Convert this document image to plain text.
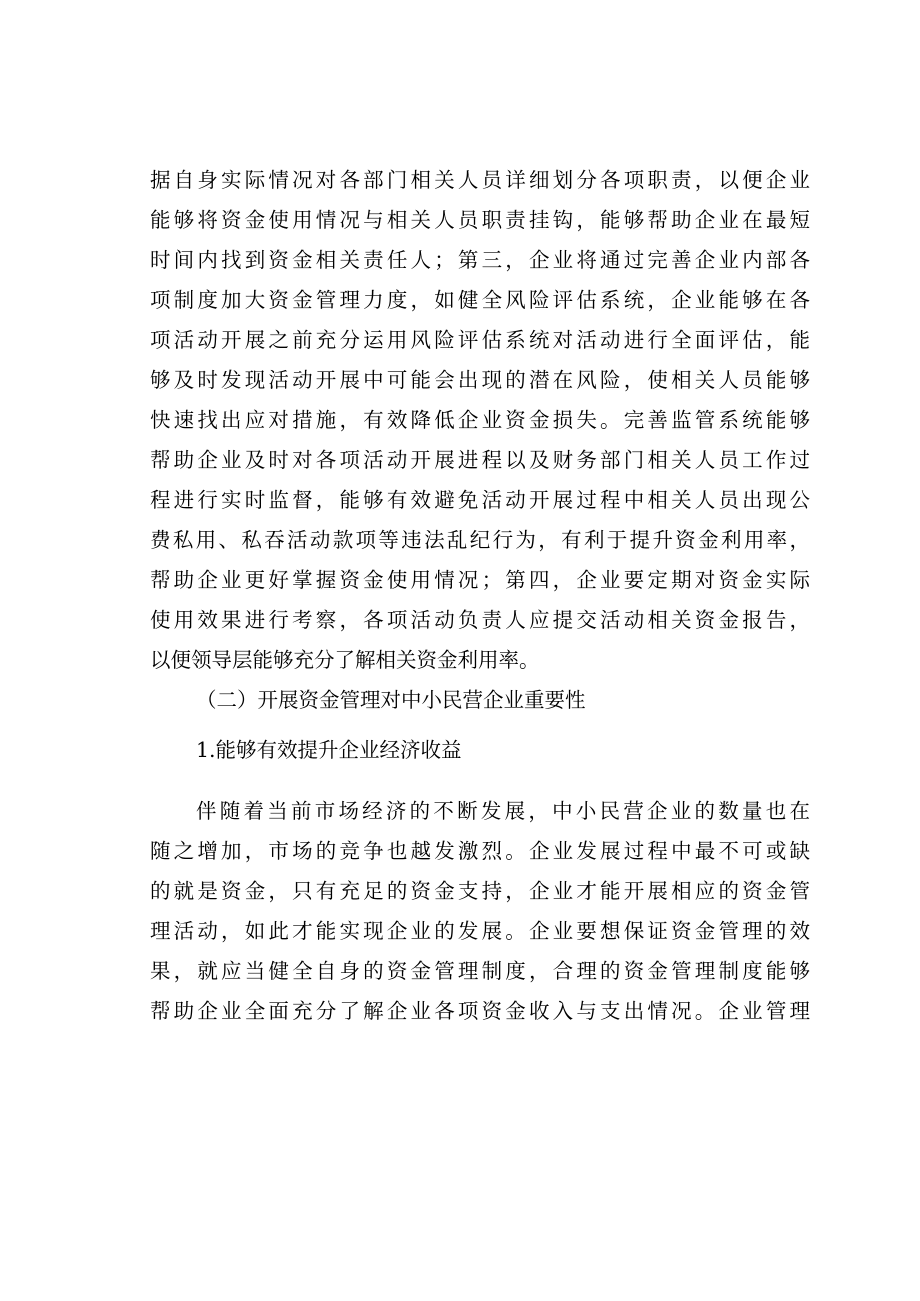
据自身实际情况对各部门相关人员详细划分各项职责，以便企业
能够将资金使用情况与相关人员职责挂钩，能够帮助企业在最短
时间内找到资金相关责任人；第三，企业将通过完善企业内部各
项制度加大资金管理力度，如健全风险评估系统，企业能够在各
项活动开展之前充分运用风险评估系统对活动进行全面评估，能
够及时发现活动开展中可能会出现的潜在风险，使相关人员能够
快速找出应对措施，有效降低企业资金损失。完善监管系统能够
帮助企业及时对各项活动开展进程以及财务部门相关人员工作过
程进行实时监督，能够有效避免活动开展过程中相关人员出现公
费私用、私吞活动款项等违法乱纪行为，有利于提升资金利用率，
帮助企业更好掌握资金使用情况；第四，企业要定期对资金实际
使用效果进行考察，各项活动负责人应提交活动相关资金报告，
以便领导层能够充分了解相关资金利用率。
（二）开展资金管理对中小民营企业重要性
1.能够有效提升企业经济收益
伴随着当前市场经济的不断发展，中小民营企业的数量也在
随之增加，市场的竞争也越发激烈。企业发展过程中最不可或缺
的就是资金，只有充足的资金支持，企业才能开展相应的资金管
理活动，如此才能实现企业的发展。企业要想保证资金管理的效
果，就应当健全自身的资金管理制度，合理的资金管理制度能够
帮助企业全面充分了解企业各项资金收入与支出情况。企业管理
